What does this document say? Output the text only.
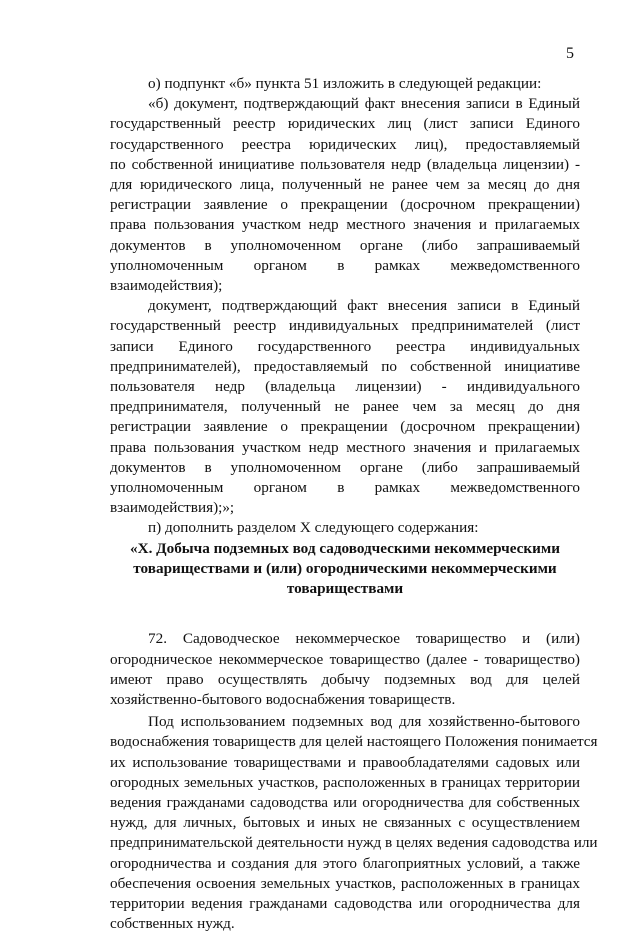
5
о) подпункт «б» пункта 51 изложить в следующей редакции:
«б) документ, подтверждающий факт внесения записи в Единый
государственный реестр юридических лиц (лист записи Единого
государственного реестра юридических лиц), предоставляемый
по собственной инициативе пользователя недр (владельца лицензии) -
для юридического лица, полученный не ранее чем за месяц до дня
регистрации заявление о прекращении (досрочном прекращении)
права пользования участком недр местного значения и прилагаемых
документов в уполномоченном органе (либо запрашиваемый
уполномоченным органом в рамках межведомственного
взаимодействия);
документ, подтверждающий факт внесения записи в Единый
государственный реестр индивидуальных предпринимателей (лист
записи Единого государственного реестра индивидуальных
предпринимателей), предоставляемый по собственной инициативе
пользователя недр (владельца лицензии) - индивидуального
предпринимателя, полученный не ранее чем за месяц до дня
регистрации заявление о прекращении (досрочном прекращении)
права пользования участком недр местного значения и прилагаемых
документов в уполномоченном органе (либо запрашиваемый
уполномоченным органом в рамках межведомственного
взаимодействия);»;
п) дополнить разделом X следующего содержания:
«X. Добыча подземных вод садоводческими некоммерческими
товариществами и (или) огородническими некоммерческими
товариществами
72. Садоводческое некоммерческое товарищество и (или)
огородническое некоммерческое товарищество (далее - товарищество)
имеют право осуществлять добычу подземных вод для целей
хозяйственно-бытового водоснабжения товариществ.
Под использованием подземных вод для хозяйственно-бытового
водоснабжения товариществ для целей настоящего Положения понимается
их использование товариществами и правообладателями садовых или
огородных земельных участков, расположенных в границах территории
ведения гражданами садоводства или огородничества для собственных
нужд, для личных, бытовых и иных не связанных с осуществлением
предпринимательской деятельности нужд в целях ведения садоводства или
огородничества и создания для этого благоприятных условий, а также
обеспечения освоения земельных участков, расположенных в границах
территории ведения гражданами садоводства или огородничества для
собственных нужд.
